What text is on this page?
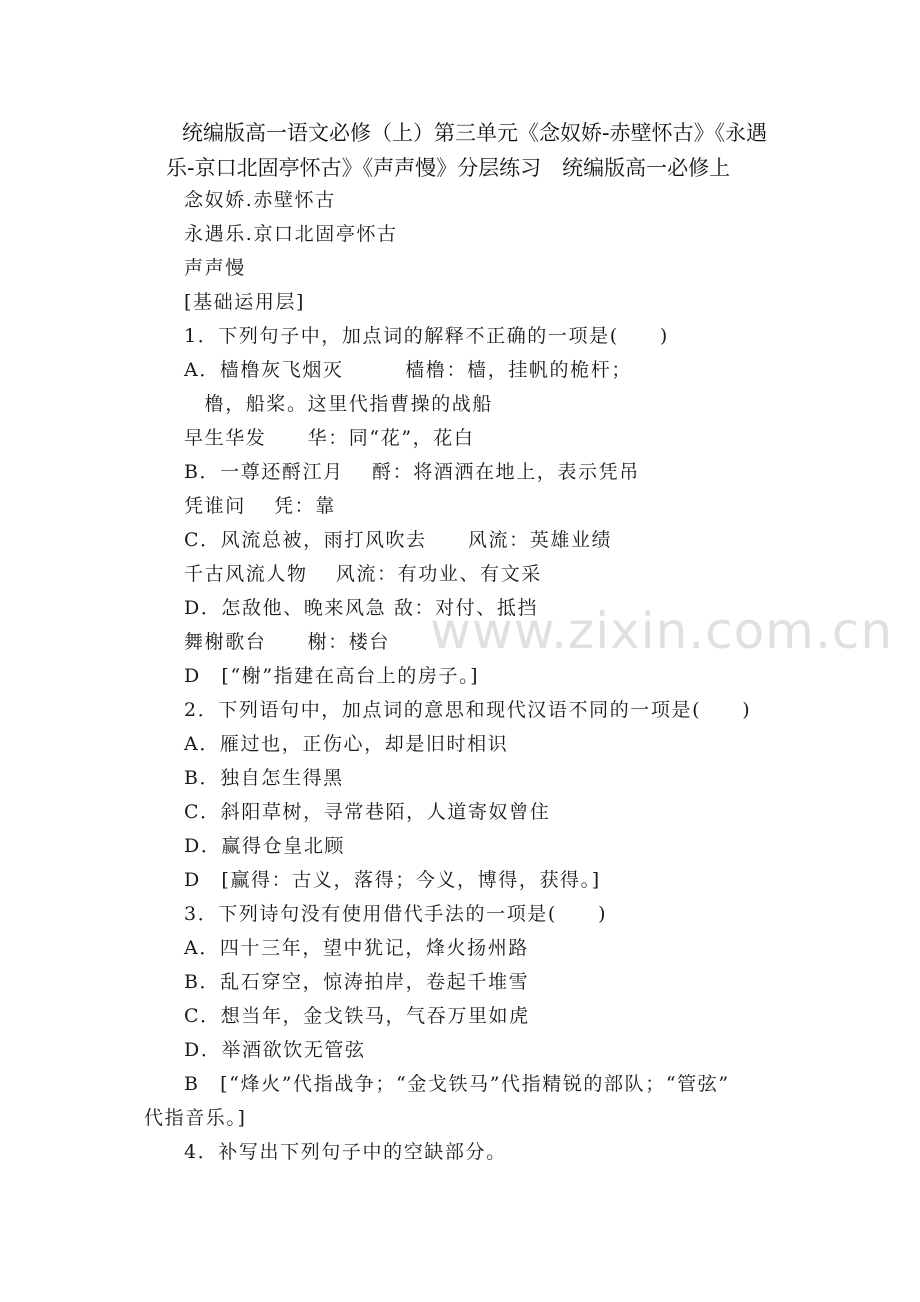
统编版高一语文必修（上）第三单元《念奴娇-赤壁怀古》《永遇
乐-京口北固亭怀古》《声声慢》分层练习　统编版高一必修上
念奴娇.赤壁怀古
永遇乐.京口北固亭怀古
声声慢
[基础运用层]
1．下列句子中，加点词的解释不正确的一项是(　　)
A．樯橹灰飞烟灭　　　樯橹：樯，挂帆的桅杆；
　橹，船桨。这里代指曹操的战船
早生华发　　华：同“花”，花白
B．一尊还酹江月　 酹：将酒洒在地上，表示凭吊
凭谁问　 凭：靠
C．风流总被，雨打风吹去　　风流：英雄业绩
千古风流人物　 风流：有功业、有文采
D．怎敌他、晚来风急 敌：对付、抵挡
舞榭歌台　　榭：楼台
D　[“榭”指建在高台上的房子。]
2．下列语句中，加点词的意思和现代汉语不同的一项是(　　)
A．雁过也，正伤心，却是旧时相识
B．独自怎生得黑
C．斜阳草树，寻常巷陌，人道寄奴曾住
D．赢得仓皇北顾
D　[赢得：古义，落得；今义，博得，获得。]
3．下列诗句没有使用借代手法的一项是(　　)
A．四十三年，望中犹记，烽火扬州路
B．乱石穿空，惊涛拍岸，卷起千堆雪
C．想当年，金戈铁马，气吞万里如虎
D．举酒欲饮无管弦
B　[“烽火”代指战争；“金戈铁马”代指精锐的部队；“管弦”
代指音乐。]
4．补写出下列句子中的空缺部分。
www.zixin.com.cn
